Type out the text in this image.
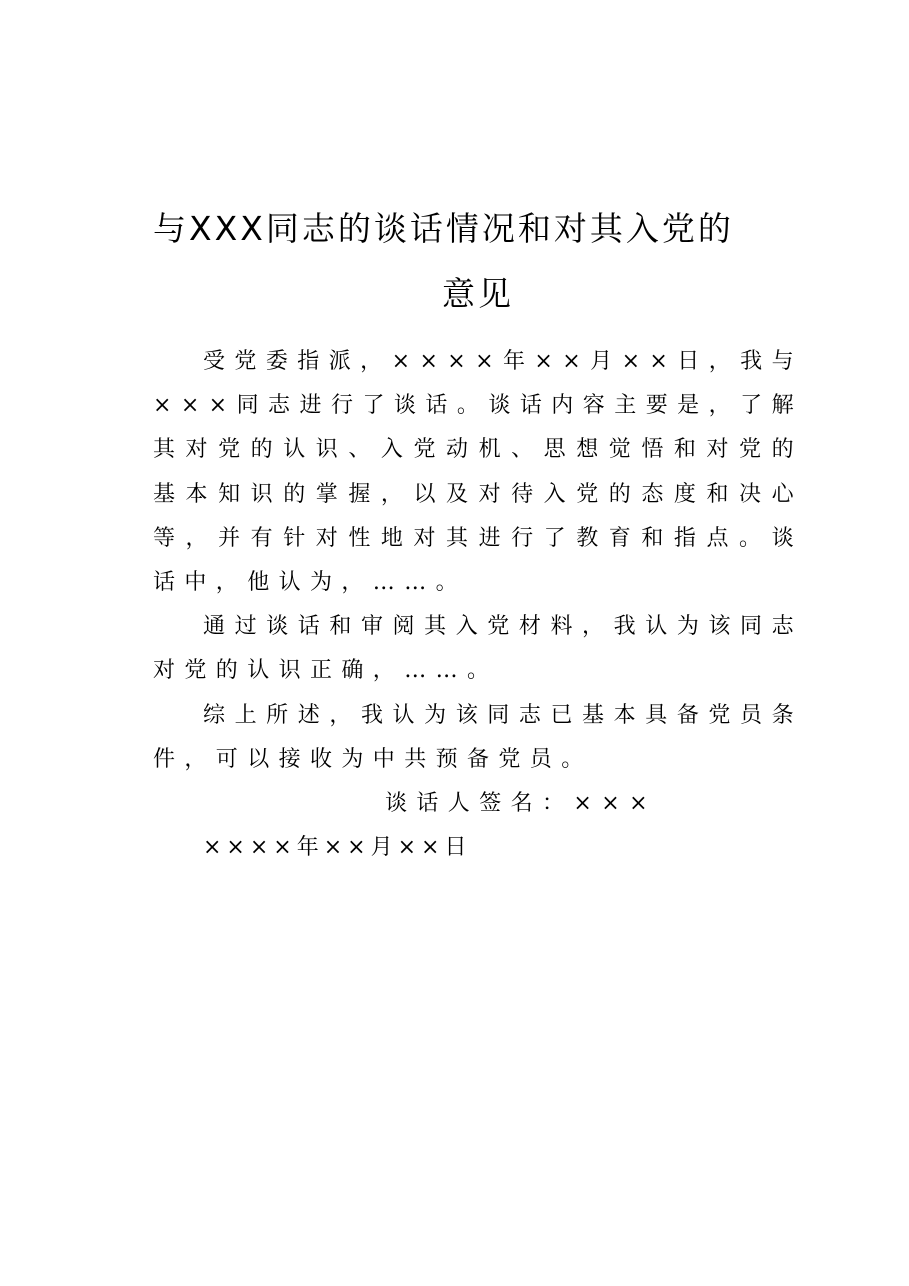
与XXX同志的谈话情况和对其入党的
意见

受党委指派，××××年××月××日，我与×××同志进行了谈话。谈话内容主要是，了解其对党的认识、入党动机、思想觉悟和对党的基本知识的掌握，以及对待入党的态度和决心等，并有针对性地对其进行了教育和指点。谈话中，他认为，……。

通过谈话和审阅其入党材料，我认为该同志对党的认识正确，……。

综上所述，我认为该同志已基本具备党员条件，可以接收为中共预备党员。

谈话人签名：×××

××××年××月××日
